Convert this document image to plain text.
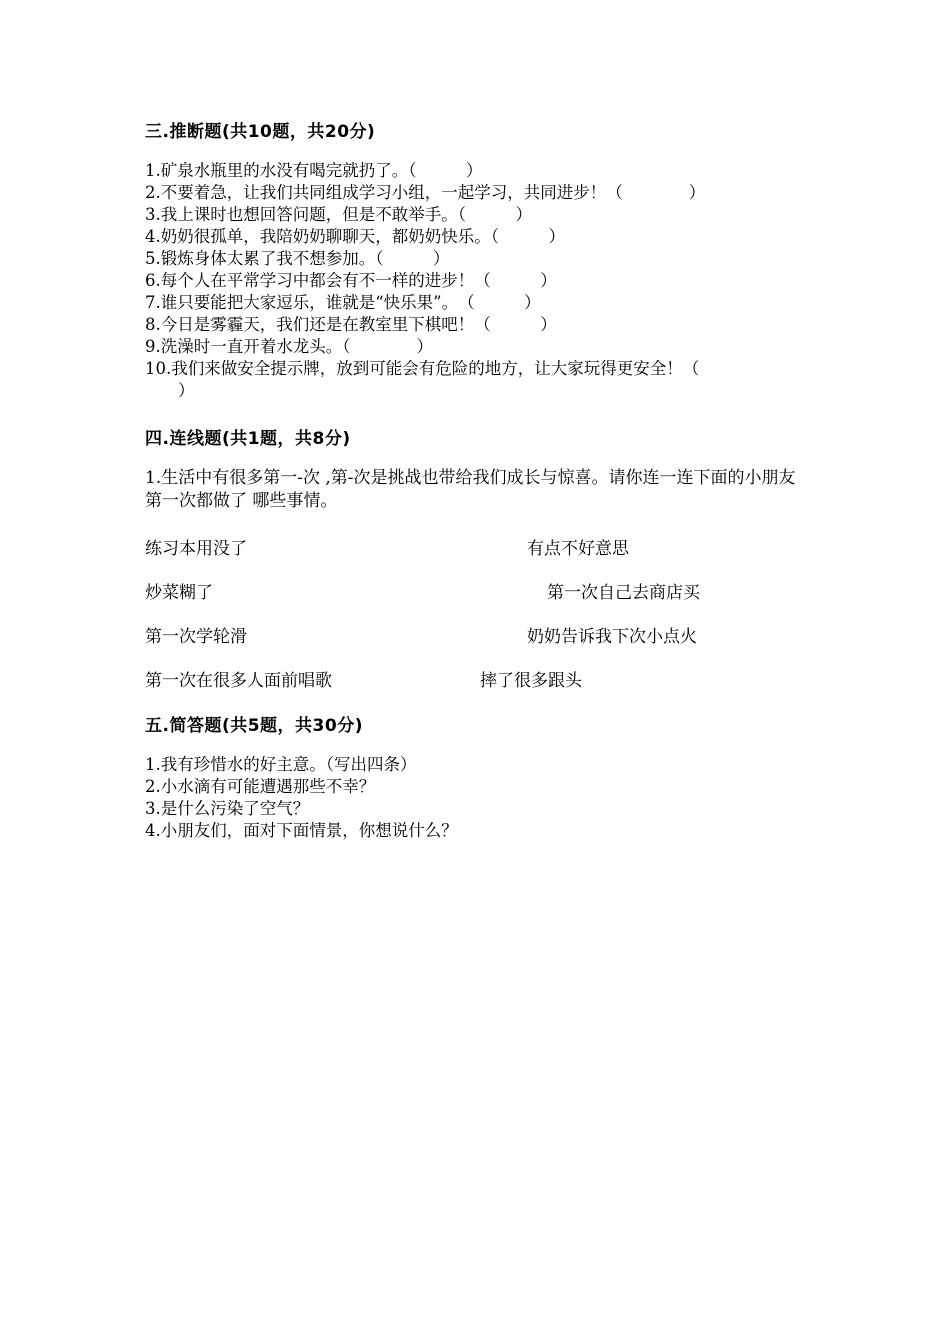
三.推断题(共10题，共20分)
1.矿泉水瓶里的水没有喝完就扔了。（　　　）
2.不要着急，让我们共同组成学习小组，一起学习，共同进步！（　　　　）
3.我上课时也想回答问题，但是不敢举手。（　　　）
4.奶奶很孤单，我陪奶奶聊聊天，都奶奶快乐。（　　　）
5.锻炼身体太累了我不想参加。（　　　）
6.每个人在平常学习中都会有不一样的进步！（　　　）
7.谁只要能把大家逗乐，谁就是“快乐果”。　（　　　）
8.今日是雾霾天，我们还是在教室里下棋吧！（　　　）
9.洗澡时一直开着水龙头。（　　　　）
10.我们来做安全提示牌，放到可能会有危险的地方，让大家玩得更安全！（
　　）
四.连线题(共1题，共8分)
1.生活中有很多第一-次 ,第-次是挑战也带给我们成长与惊喜。请你连一连下面的小朋友第一次都做了 哪些事情。
练习本用没了	有点不好意思
炒菜糊了	第一次自己去商店买
第一次学轮滑	奶奶告诉我下次小点火
第一次在很多人面前唱歌	摔了很多跟头
五.简答题(共5题，共30分)
1.我有珍惜水的好主意。（写出四条）
2.小水滴有可能遭遇那些不幸？
3.是什么污染了空气？
4.小朋友们，面对下面情景，你想说什么？
